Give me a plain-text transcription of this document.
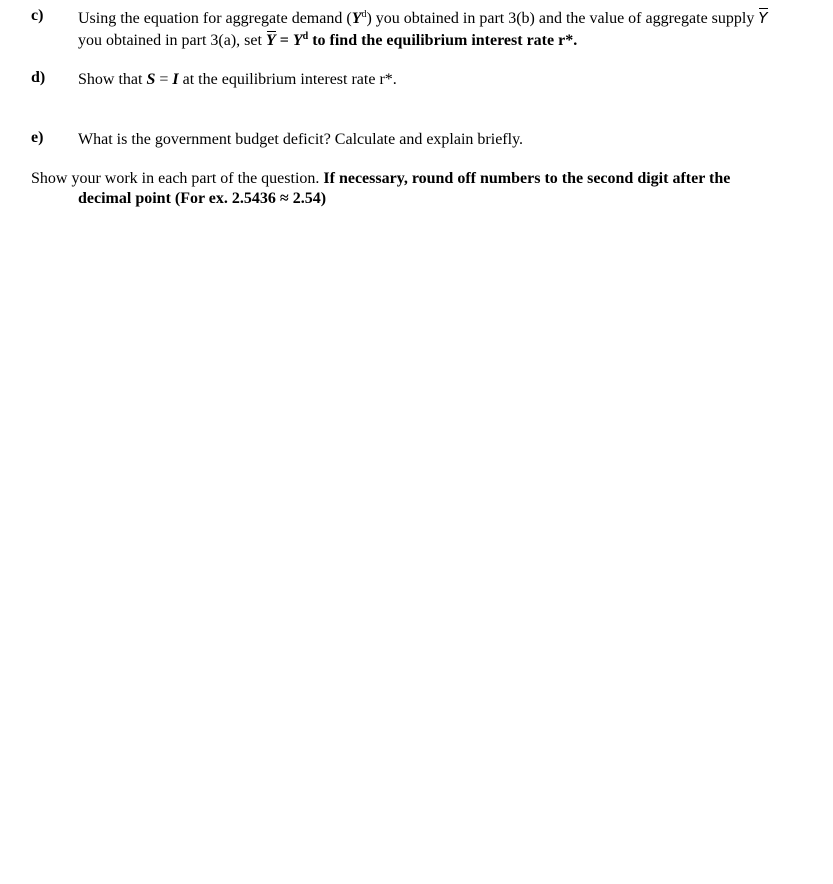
c) Using the equation for aggregate demand $(Y^d)$ you obtained in part 3(b) and the value of aggregate supply Y
you obtained in part 3(a), set $Y = Y^d$ to find the equilibrium interest rate r*.
d) Show that S = I at the equilibrium interest rate r*.
e) What is the government budget deficit? Calculate and explain briefly.
Show your work in each part of the question. If necessary, round off numbers to the second digit after the
decimal point (For ex. 2.5436 ≈ 2.54)
